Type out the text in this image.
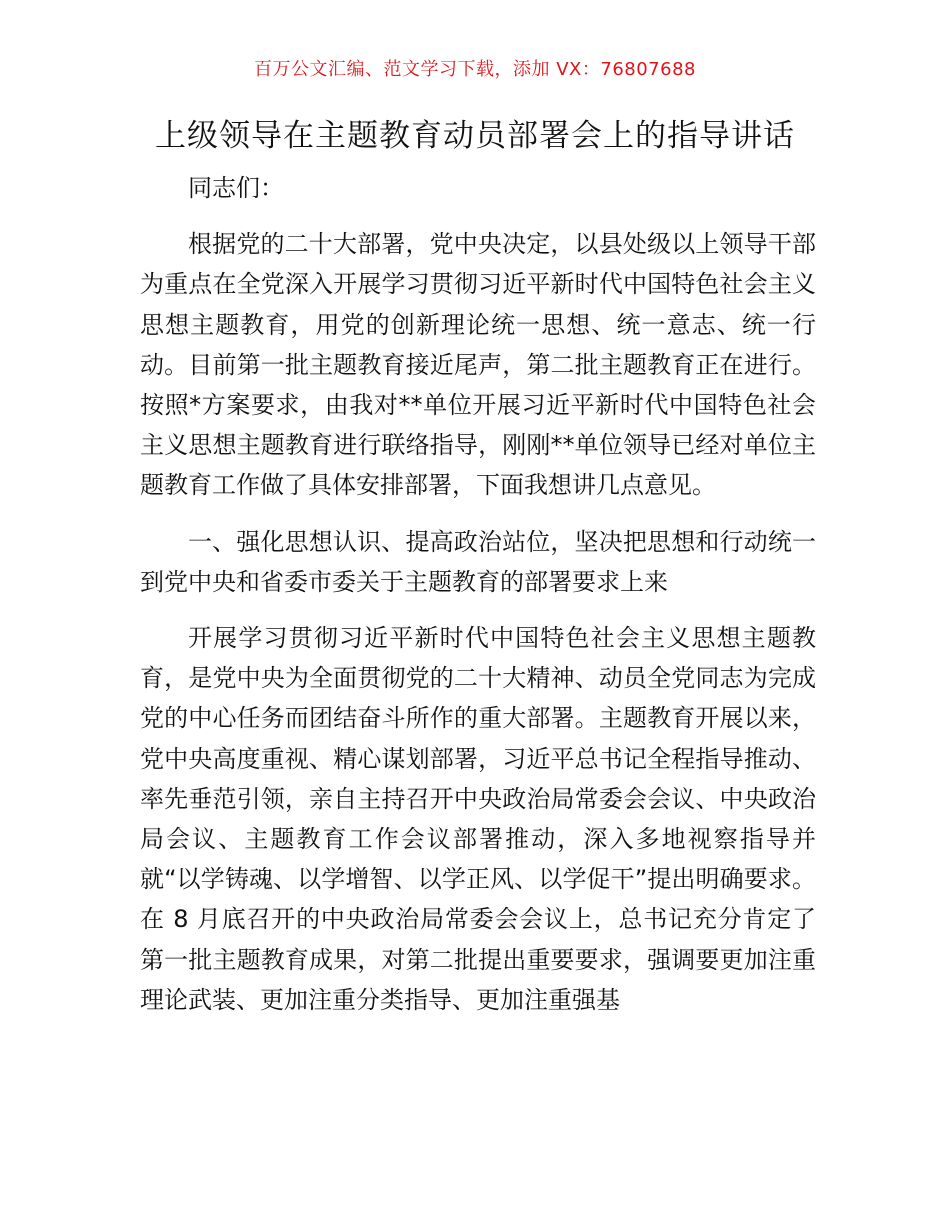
百万公文汇编、范文学习下载，添加 VX：76807688
上级领导在主题教育动员部署会上的指导讲话

同志们：

根据党的二十大部署，党中央决定，以县处级以上领导干部为重点在全党深入开展学习贯彻习近平新时代中国特色社会主义思想主题教育，用党的创新理论统一思想、统一意志、统一行动。目前第一批主题教育接近尾声，第二批主题教育正在进行。按照*方案要求，由我对**单位开展习近平新时代中国特色社会主义思想主题教育进行联络指导，刚刚**单位领导已经对单位主题教育工作做了具体安排部署，下面我想讲几点意见。

一、强化思想认识、提高政治站位，坚决把思想和行动统一到党中央和省委市委关于主题教育的部署要求上来

开展学习贯彻习近平新时代中国特色社会主义思想主题教育，是党中央为全面贯彻党的二十大精神、动员全党同志为完成党的中心任务而团结奋斗所作的重大部署。主题教育开展以来，党中央高度重视、精心谋划部署，习近平总书记全程指导推动、率先垂范引领，亲自主持召开中央政治局常委会会议、中央政治局会议、主题教育工作会议部署推动，深入多地视察指导并就“以学铸魂、以学增智、以学正风、以学促干”提出明确要求。在 8 月底召开的中央政治局常委会会议上，总书记充分肯定了第一批主题教育成果，对第二批提出重要要求，强调要更加注重理论武装、更加注重分类指导、更加注重强基
